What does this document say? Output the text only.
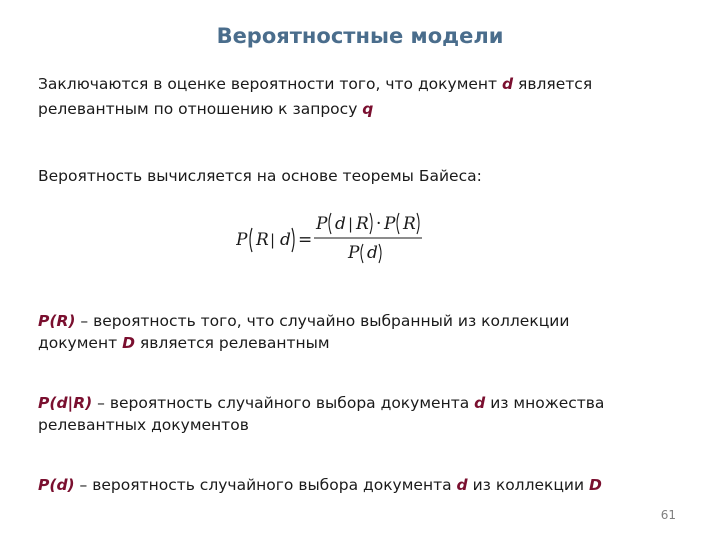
Вероятностные модели
Заключаются в оценке вероятности того, что документ d является
релевантным по отношению к запросу q
Вероятность вычисляется на основе теоремы Байеса:
P R | d =
P d | R · P R
P d
P(R) – вероятность того, что случайно выбранный из коллекции
документ D является релевантным
P(d|R) – вероятность случайного выбора документа d из множества
релевантных документов
P(d) – вероятность случайного выбора документа d из коллекции D
61
